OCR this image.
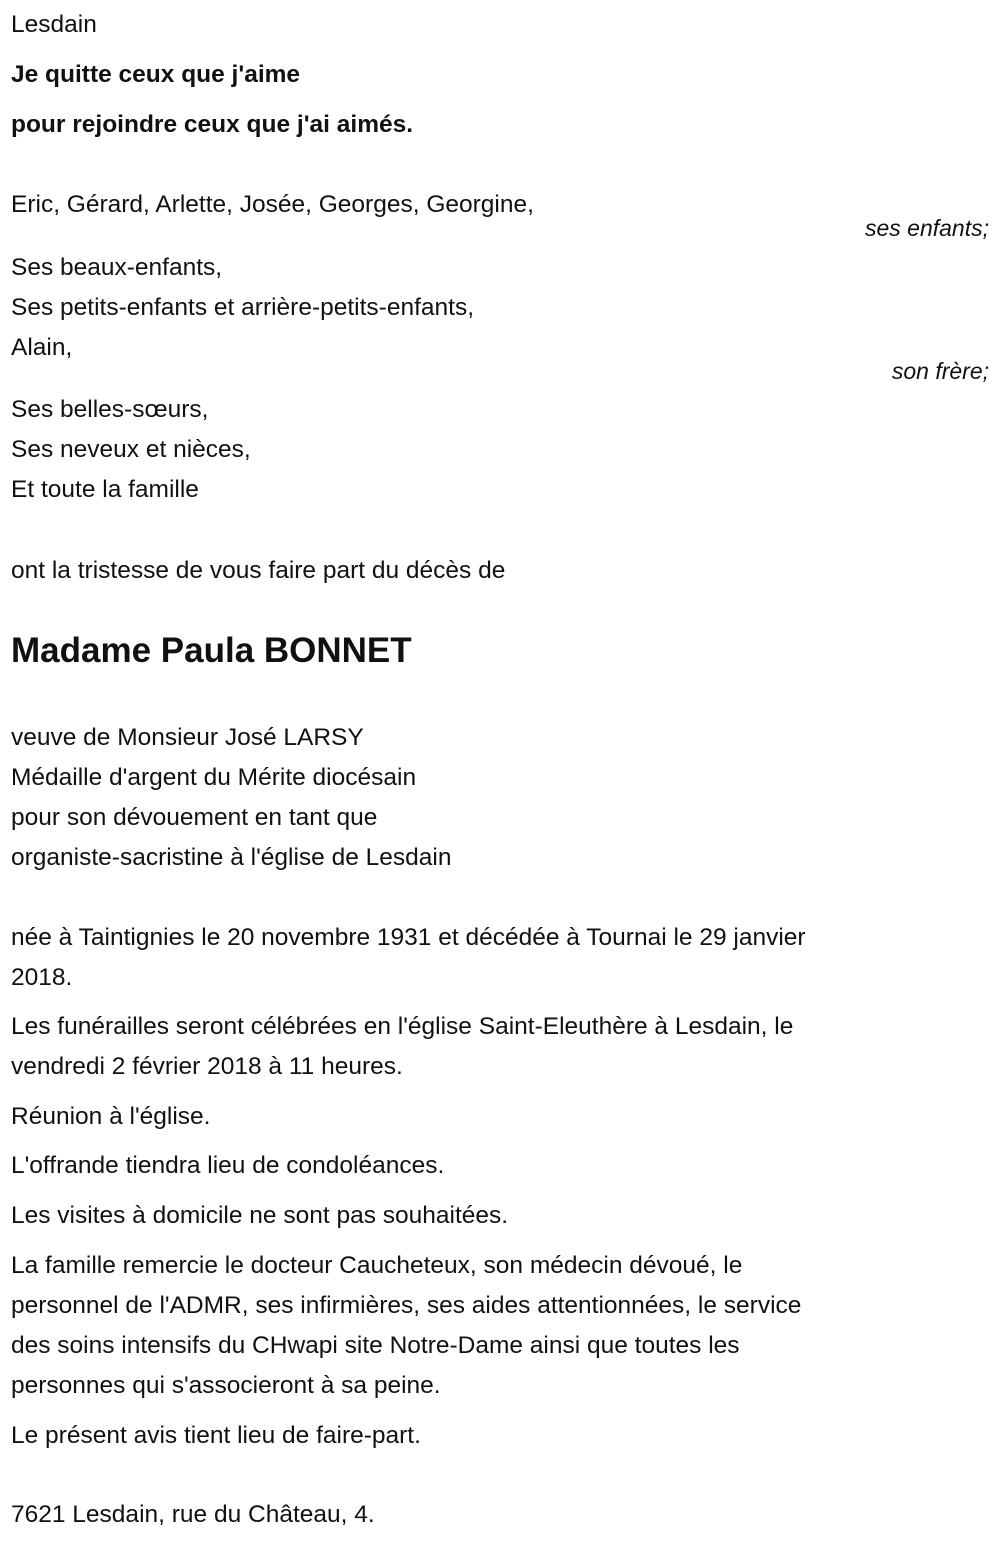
Lesdain
Je quitte ceux que j'aime
pour rejoindre ceux que j'ai aimés.
Eric, Gérard, Arlette, Josée, Georges, Georgine,
ses enfants;
Ses beaux-enfants,
Ses petits-enfants et arrière-petits-enfants,
Alain,
son frère;
Ses belles-sœurs,
Ses neveux et nièces,
Et toute la famille
ont la tristesse de vous faire part du décès de
Madame Paula BONNET
veuve de Monsieur José LARSY
Médaille d'argent du Mérite diocésain
pour son dévouement en tant que
organiste-sacristine à l'église de Lesdain
née à Taintignies le 20 novembre 1931 et décédée à Tournai le 29 janvier
2018.
Les funérailles seront célébrées en l'église Saint-Eleuthère à Lesdain, le
vendredi 2 février 2018 à 11 heures.
Réunion à l'église.
L'offrande tiendra lieu de condoléances.
Les visites à domicile ne sont pas souhaitées.
La famille remercie le docteur Caucheteux, son médecin dévoué, le
personnel de l'ADMR, ses infirmières, ses aides attentionnées, le service
des soins intensifs du CHwapi site Notre-Dame ainsi que toutes les
personnes qui s'associeront à sa peine.
Le présent avis tient lieu de faire-part.
7621 Lesdain, rue du Château, 4.
